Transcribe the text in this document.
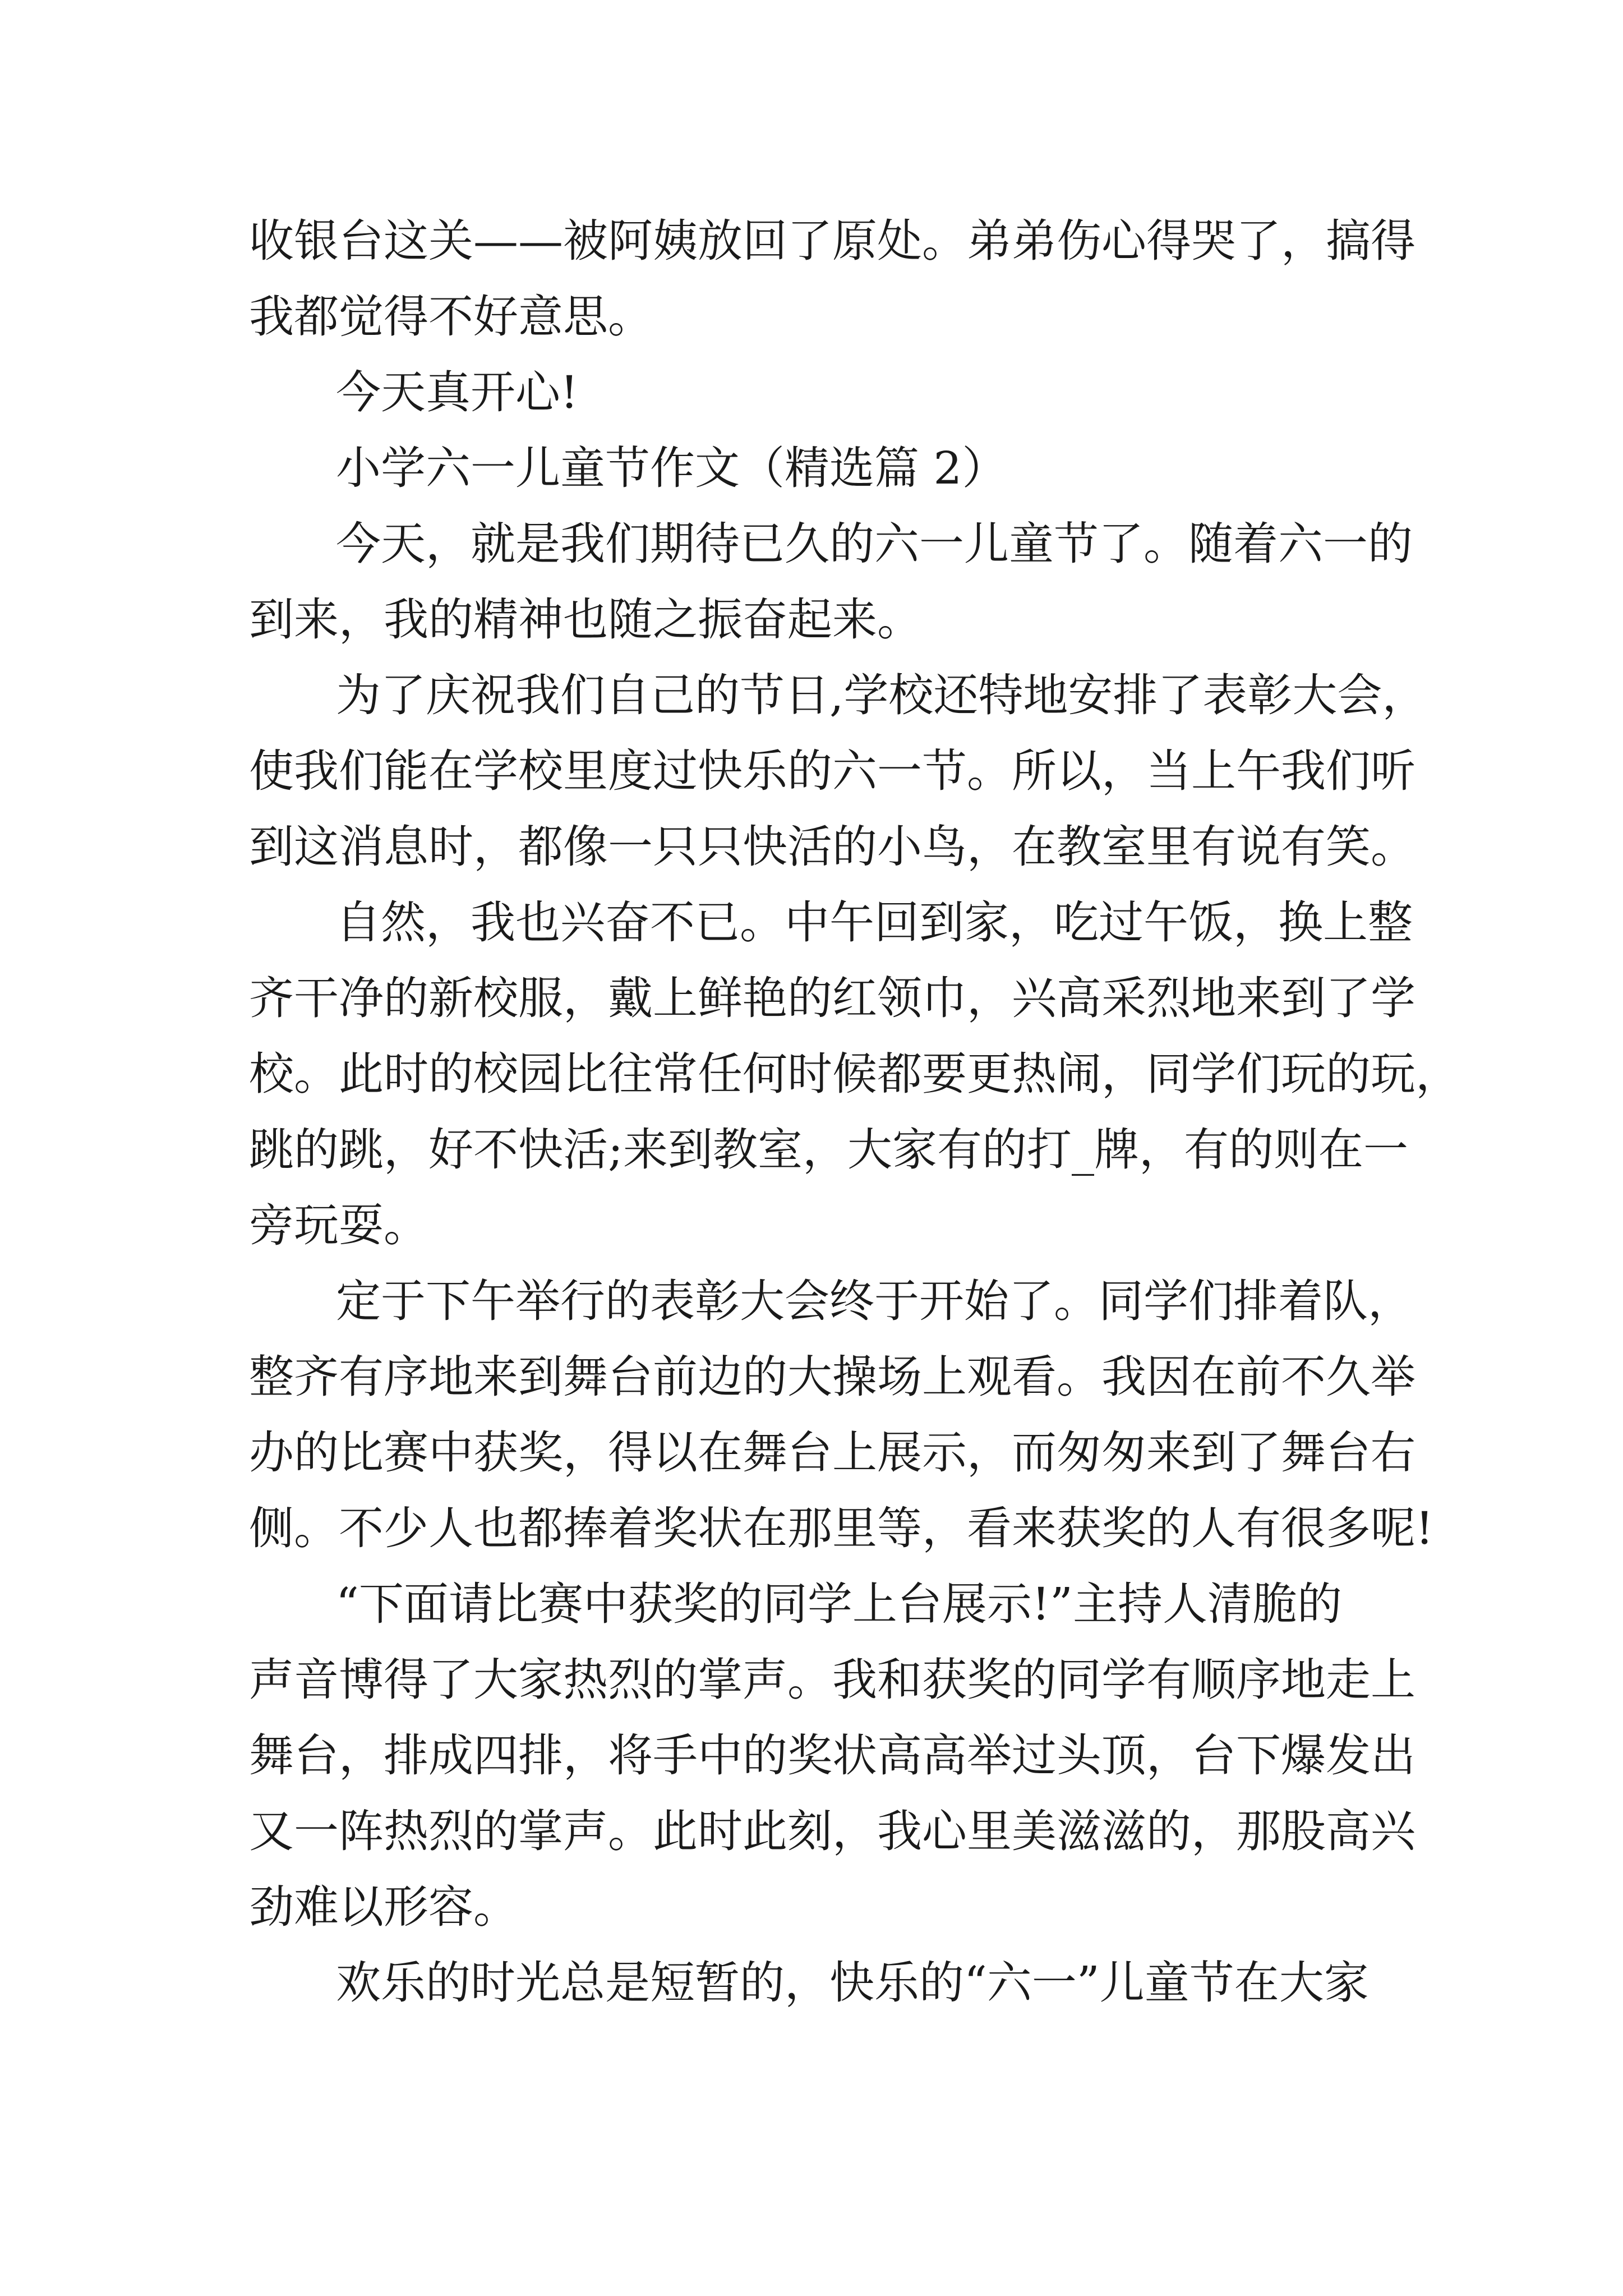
收银台这关——被阿姨放回了原处。弟弟伤心得哭了，搞得
我都觉得不好意思。
今天真开心!
小学六一儿童节作文（精选篇 2）
今天，就是我们期待已久的六一儿童节了。随着六一的
到来，我的精神也随之振奋起来。
为了庆祝我们自己的节日,学校还特地安排了表彰大会，
使我们能在学校里度过快乐的六一节。所以，当上午我们听
到这消息时，都像一只只快活的小鸟，在教室里有说有笑。
自然，我也兴奋不已。中午回到家，吃过午饭，换上整
齐干净的新校服，戴上鲜艳的红领巾，兴高采烈地来到了学
校。此时的校园比往常任何时候都要更热闹，同学们玩的玩，
跳的跳，好不快活;来到教室，大家有的打_牌，有的则在一
旁玩耍。
定于下午举行的表彰大会终于开始了。同学们排着队，
整齐有序地来到舞台前边的大操场上观看。我因在前不久举
办的比赛中获奖，得以在舞台上展示，而匆匆来到了舞台右
侧。不少人也都捧着奖状在那里等，看来获奖的人有很多呢!
“下面请比赛中获奖的同学上台展示!”主持人清脆的
声音博得了大家热烈的掌声。我和获奖的同学有顺序地走上
舞台，排成四排，将手中的奖状高高举过头顶，台下爆发出
又一阵热烈的掌声。此时此刻，我心里美滋滋的，那股高兴
劲难以形容。
欢乐的时光总是短暂的，快乐的“六一”儿童节在大家
